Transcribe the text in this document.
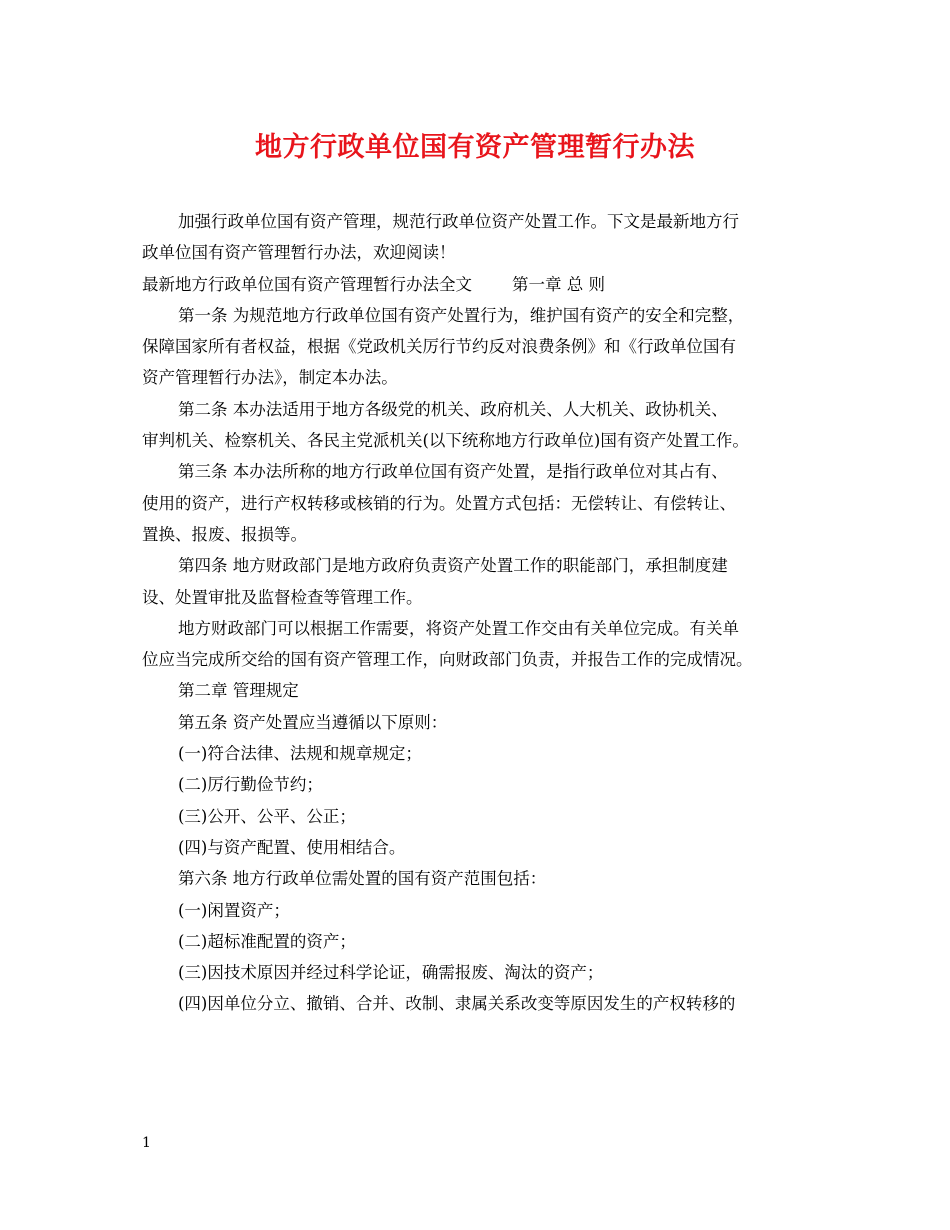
地方行政单位国有资产管理暂行办法

加强行政单位国有资产管理，规范行政单位资产处置工作。下文是最新地方行

政单位国有资产管理暂行办法，欢迎阅读！

最新地方行政单位国有资产管理暂行办法全文 第一章 总 则

第一条 为规范地方行政单位国有资产处置行为，维护国有资产的安全和完整，

保障国家所有者权益，根据《党政机关厉行节约反对浪费条例》和《行政单位国有

资产管理暂行办法》，制定本办法。

第二条 本办法适用于地方各级党的机关、政府机关、人大机关、政协机关、

审判机关、检察机关、各民主党派机关(以下统称地方行政单位)国有资产处置工作。

第三条 本办法所称的地方行政单位国有资产处置，是指行政单位对其占有、

使用的资产，进行产权转移或核销的行为。处置方式包括：无偿转让、有偿转让、

置换、报废、报损等。

第四条 地方财政部门是地方政府负责资产处置工作的职能部门，承担制度建

设、处置审批及监督检查等管理工作。

地方财政部门可以根据工作需要，将资产处置工作交由有关单位完成。有关单

位应当完成所交给的国有资产管理工作，向财政部门负责，并报告工作的完成情况。

第二章 管理规定

第五条 资产处置应当遵循以下原则：

(一)符合法律、法规和规章规定；

(二)厉行勤俭节约；

(三)公开、公平、公正；

(四)与资产配置、使用相结合。

第六条 地方行政单位需处置的国有资产范围包括：

(一)闲置资产；

(二)超标准配置的资产；

(三)因技术原因并经过科学论证，确需报废、淘汰的资产；

(四)因单位分立、撤销、合并、改制、隶属关系改变等原因发生的产权转移的

1
